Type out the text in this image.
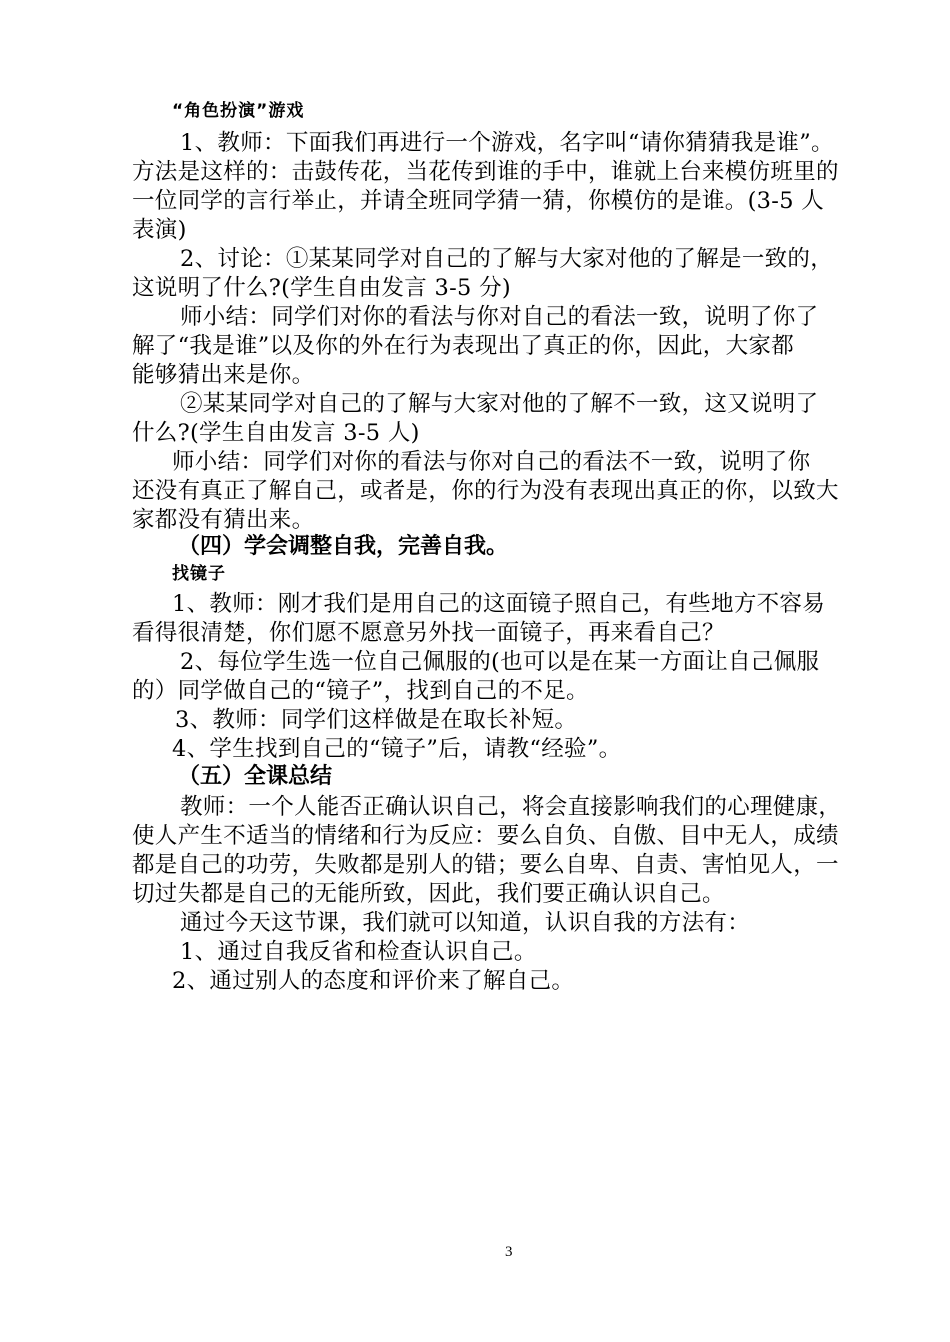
“角色扮演”游戏
1、教师：下面我们再进行一个游戏，名字叫“请你猜猜我是谁”。
方法是这样的：击鼓传花，当花传到谁的手中，谁就上台来模仿班里的
一位同学的言行举止，并请全班同学猜一猜，你模仿的是谁。(3-5 人
表演)
2、讨论：①某某同学对自己的了解与大家对他的了解是一致的，
这说明了什么?(学生自由发言 3-5 分)
师小结：同学们对你的看法与你对自己的看法一致，说明了你了
解了“我是谁”以及你的外在行为表现出了真正的你，因此，大家都
能够猜出来是你。
②某某同学对自己的了解与大家对他的了解不一致，这又说明了
什么?(学生自由发言 3-5 人)
师小结：同学们对你的看法与你对自己的看法不一致，说明了你
还没有真正了解自己，或者是，你的行为没有表现出真正的你，以致大
家都没有猜出来。
（四）学会调整自我，完善自我。
找镜子
1、教师：刚才我们是用自己的这面镜子照自己，有些地方不容易
看得很清楚，你们愿不愿意另外找一面镜子，再来看自己？
2、每位学生选一位自己佩服的(也可以是在某一方面让自己佩服
的）同学做自己的“镜子”，找到自己的不足。
3、教师：同学们这样做是在取长补短。
4、学生找到自己的“镜子”后，请教“经验”。
（五）全课总结
教师：一个人能否正确认识自己，将会直接影响我们的心理健康，
使人产生不适当的情绪和行为反应：要么自负、自傲、目中无人，成绩
都是自己的功劳，失败都是别人的错；要么自卑、自责、害怕见人，一
切过失都是自己的无能所致，因此，我们要正确认识自己。
通过今天这节课，我们就可以知道，认识自我的方法有：
1、通过自我反省和检查认识自己。
2、通过别人的态度和评价来了解自己。
3
